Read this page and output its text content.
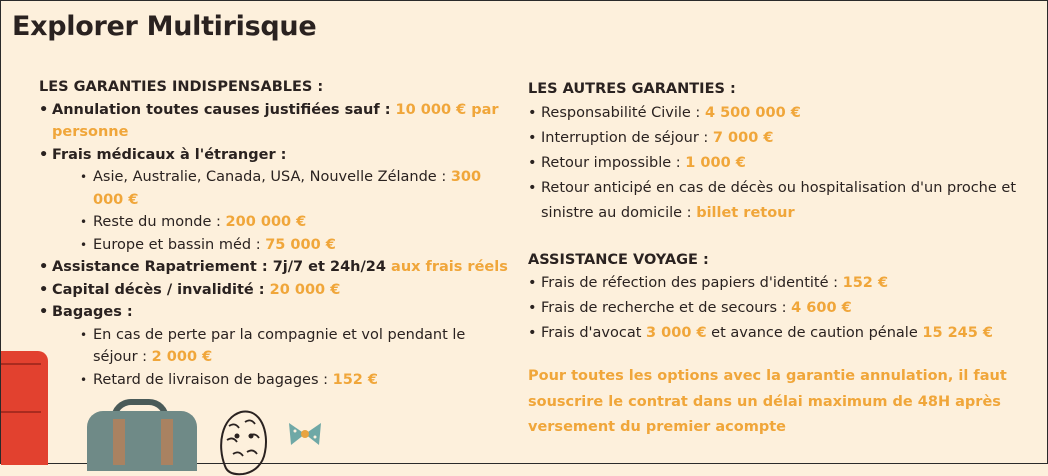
Explorer Multirisque

LES GARANTIES INDISPENSABLES :

• Annulation toutes causes justifiées sauf : 10 000 € par personne
• Frais médicaux à l'étranger :
• Asie, Australie, Canada, USA, Nouvelle Zélande : 300 000 €
• Reste du monde : 200 000 €
• Europe et bassin méd : 75 000 €
• Assistance Rapatriement : 7j/7 et 24h/24 aux frais réels
• Capital décès / invalidité : 20 000 €
• Bagages :
• En cas de perte par la compagnie et vol pendant le séjour : 2 000 €
• Retard de livraison de bagages : 152 €

LES AUTRES GARANTIES :

• Responsabilité Civile : 4 500 000 €
• Interruption de séjour : 7 000 €
• Retour impossible : 1 000 €
• Retour anticipé en cas de décès ou hospitalisation d'un proche et sinistre au domicile : billet retour

ASSISTANCE VOYAGE :

• Frais de réfection des papiers d'identité : 152 €
• Frais de recherche et de secours : 4 600 €
• Frais d'avocat 3 000 € et avance de caution pénale 15 245 €

Pour toutes les options avec la garantie annulation, il faut souscrire le contrat dans un délai maximum de 48H après versement du premier acompte
